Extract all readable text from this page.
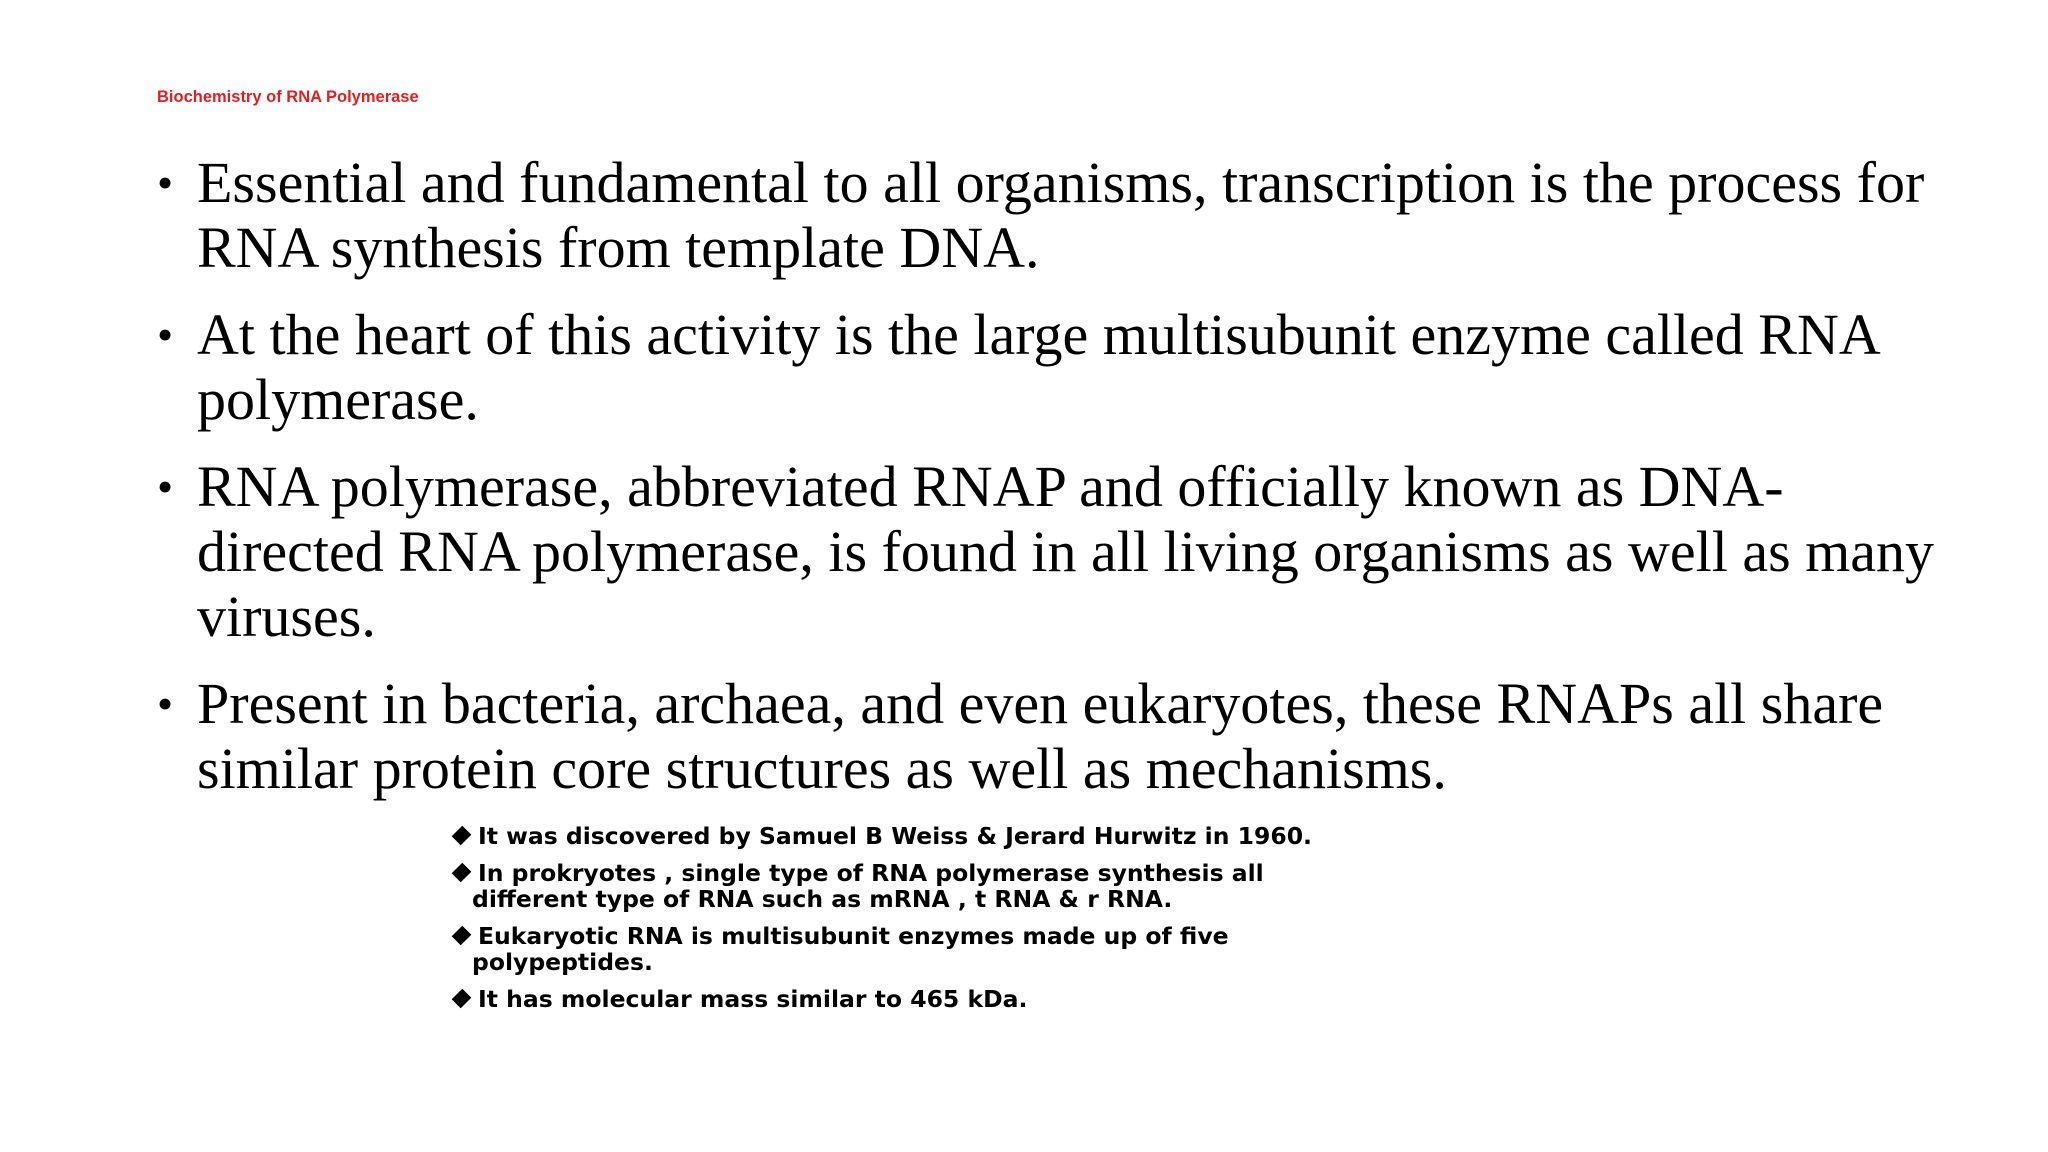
Biochemistry of RNA Polymerase
• Essential and fundamental to all organisms, transcription is the process for RNA synthesis from template DNA.
• At the heart of this activity is the large multisubunit enzyme called RNA polymerase.
• RNA polymerase, abbreviated RNAP and officially known as DNA-directed RNA polymerase, is found in all living organisms as well as many viruses.
• Present in bacteria, archaea, and even eukaryotes, these RNAPs all share similar protein core structures as well as mechanisms.
It was discovered by Samuel B Weiss & Jerard Hurwitz in 1960.
In prokryotes , single type of RNA polymerase synthesis all different type of RNA such as mRNA , t RNA & r RNA.
Eukaryotic RNA is multisubunit enzymes made up of five polypeptides.
It has molecular mass similar to 465 kDa.
